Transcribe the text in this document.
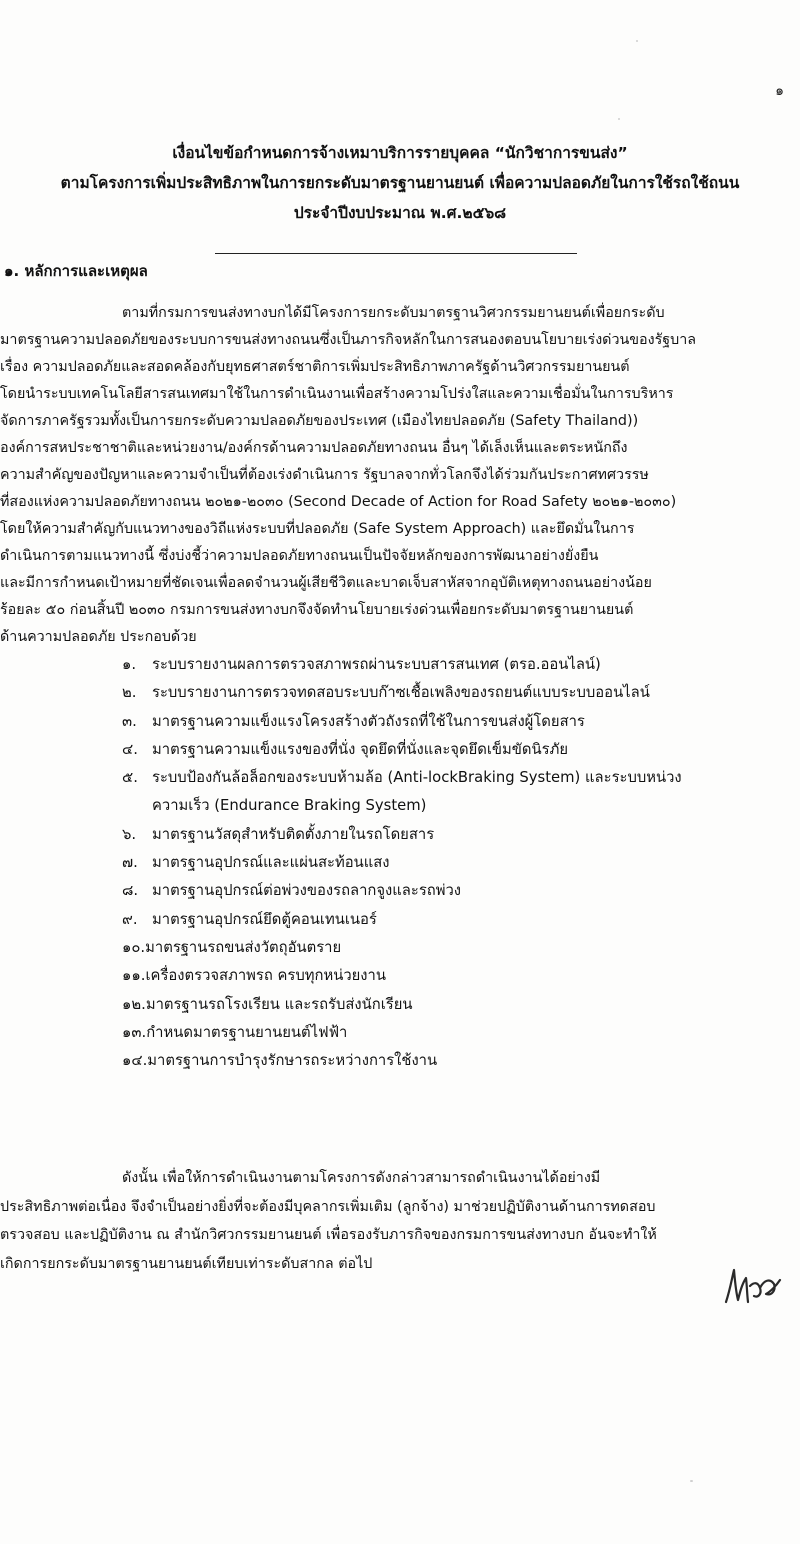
๑
เงื่อนไขข้อกำหนดการจ้างเหมาบริการรายบุคคล “นักวิชาการขนส่ง”
ตามโครงการเพิ่มประสิทธิภาพในการยกระดับมาตรฐานยานยนต์ เพื่อความปลอดภัยในการใช้รถใช้ถนน
ประจำปีงบประมาณ พ.ศ.๒๕๖๘
๑. หลักการและเหตุผล
ตามที่กรมการขนส่งทางบกได้มีโครงการยกระดับมาตรฐานวิศวกรรมยานยนต์เพื่อยกระดับ
มาตรฐานความปลอดภัยของระบบการขนส่งทางถนนซึ่งเป็นภารกิจหลักในการสนองตอบนโยบายเร่งด่วนของรัฐบาล
เรื่อง ความปลอดภัยและสอดคล้องกับยุทธศาสตร์ชาติการเพิ่มประสิทธิภาพภาครัฐด้านวิศวกรรมยานยนต์
โดยนำระบบเทคโนโลยีสารสนเทศมาใช้ในการดำเนินงานเพื่อสร้างความโปร่งใสและความเชื่อมั่นในการบริหาร
จัดการภาครัฐรวมทั้งเป็นการยกระดับความปลอดภัยของประเทศ (เมืองไทยปลอดภัย (Safety Thailand))
องค์การสหประชาชาติและหน่วยงาน/องค์กรด้านความปลอดภัยทางถนน อื่นๆ ได้เล็งเห็นและตระหนักถึง
ความสำคัญของปัญหาและความจำเป็นที่ต้องเร่งดำเนินการ รัฐบาลจากทั่วโลกจึงได้ร่วมกันประกาศทศวรรษ
ที่สองแห่งความปลอดภัยทางถนน ๒๐๒๑-๒๐๓๐ (Second Decade of Action for Road Safety ๒๐๒๑-๒๐๓๐)
โดยให้ความสำคัญกับแนวทางของวิถีแห่งระบบที่ปลอดภัย (Safe System Approach) และยึดมั่นในการ
ดำเนินการตามแนวทางนี้ ซึ่งบ่งชี้ว่าความปลอดภัยทางถนนเป็นปัจจัยหลักของการพัฒนาอย่างยั่งยืน
และมีการกำหนดเป้าหมายที่ชัดเจนเพื่อลดจำนวนผู้เสียชีวิตและบาดเจ็บสาหัสจากอุบัติเหตุทางถนนอย่างน้อย
ร้อยละ ๕๐ ก่อนสิ้นปี ๒๐๓๐ กรมการขนส่งทางบกจึงจัดทำนโยบายเร่งด่วนเพื่อยกระดับมาตรฐานยานยนต์
ด้านความปลอดภัย ประกอบด้วย
๑.	ระบบรายงานผลการตรวจสภาพรถผ่านระบบสารสนเทศ (ตรอ.ออนไลน์)
๒.	ระบบรายงานการตรวจทดสอบระบบก๊าซเชื้อเพลิงของรถยนต์แบบระบบออนไลน์
๓.	มาตรฐานความแข็งแรงโครงสร้างตัวถังรถที่ใช้ในการขนส่งผู้โดยสาร
๔. มาตรฐานความแข็งแรงของที่นั่ง จุดยึดที่นั่งและจุดยึดเข็มขัดนิรภัย
๕. ระบบป้องกันล้อล็อกของระบบห้ามล้อ (Anti-lockBraking System) และระบบหน่วง
ความเร็ว (Endurance Braking System)
๖.	มาตรฐานวัสดุสำหรับติดตั้งภายในรถโดยสาร
๗. มาตรฐานอุปกรณ์และแผ่นสะท้อนแสง
๘. มาตรฐานอุปกรณ์ต่อพ่วงของรถลากจูงและรถพ่วง
๙. มาตรฐานอุปกรณ์ยึดตู้คอนเทนเนอร์
๑๐. มาตรฐานรถขนส่งวัตถุอันตราย
๑๑. เครื่องตรวจสภาพรถ ครบทุกหน่วยงาน
๑๒. มาตรฐานรถโรงเรียน และรถรับส่งนักเรียน
๑๓. กำหนดมาตรฐานยานยนต์ไฟฟ้า
๑๔. มาตรฐานการบำรุงรักษารถระหว่างการใช้งาน
ดังนั้น เพื่อให้การดำเนินงานตามโครงการดังกล่าวสามารถดำเนินงานได้อย่างมี
ประสิทธิภาพต่อเนื่อง จึงจำเป็นอย่างยิ่งที่จะต้องมีบุคลากรเพิ่มเติม (ลูกจ้าง) มาช่วยปฏิบัติงานด้านการทดสอบ
ตรวจสอบ และปฏิบัติงาน ณ สำนักวิศวกรรมยานยนต์ เพื่อรองรับภารกิจของกรมการขนส่งทางบก อันจะทำให้
เกิดการยกระดับมาตรฐานยานยนต์เทียบเท่าระดับสากล ต่อไป
